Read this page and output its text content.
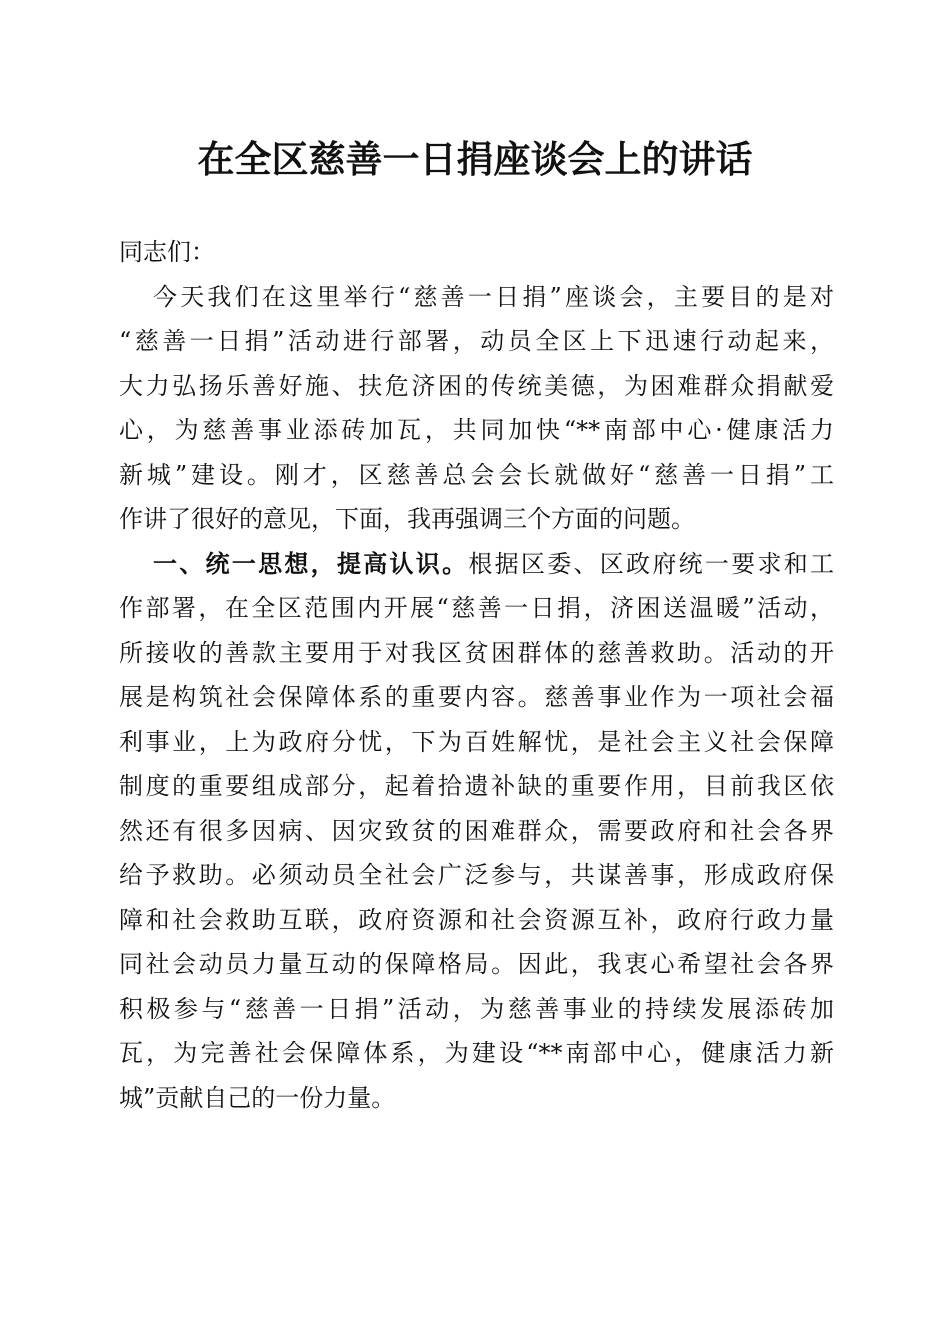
在全区慈善一日捐座谈会上的讲话
同志们：
今天我们在这里举行“慈善一日捐”座谈会，主要目的是对
“慈善一日捐”活动进行部署，动员全区上下迅速行动起来，
大力弘扬乐善好施、扶危济困的传统美德，为困难群众捐献爱
心，为慈善事业添砖加瓦，共同加快“**南部中心·健康活力
新城”建设。刚才，区慈善总会会长就做好“慈善一日捐”工
作讲了很好的意见，下面，我再强调三个方面的问题。
一、统一思想，提高认识。根据区委、区政府统一要求和工
作部署，在全区范围内开展“慈善一日捐，济困送温暖”活动，
所接收的善款主要用于对我区贫困群体的慈善救助。活动的开
展是构筑社会保障体系的重要内容。慈善事业作为一项社会福
利事业，上为政府分忧，下为百姓解忧，是社会主义社会保障
制度的重要组成部分，起着拾遗补缺的重要作用，目前我区依
然还有很多因病、因灾致贫的困难群众，需要政府和社会各界
给予救助。必须动员全社会广泛参与，共谋善事，形成政府保
障和社会救助互联，政府资源和社会资源互补，政府行政力量
同社会动员力量互动的保障格局。因此，我衷心希望社会各界
积极参与“慈善一日捐”活动，为慈善事业的持续发展添砖加
瓦，为完善社会保障体系，为建设“**南部中心，健康活力新
城”贡献自己的一份力量。
